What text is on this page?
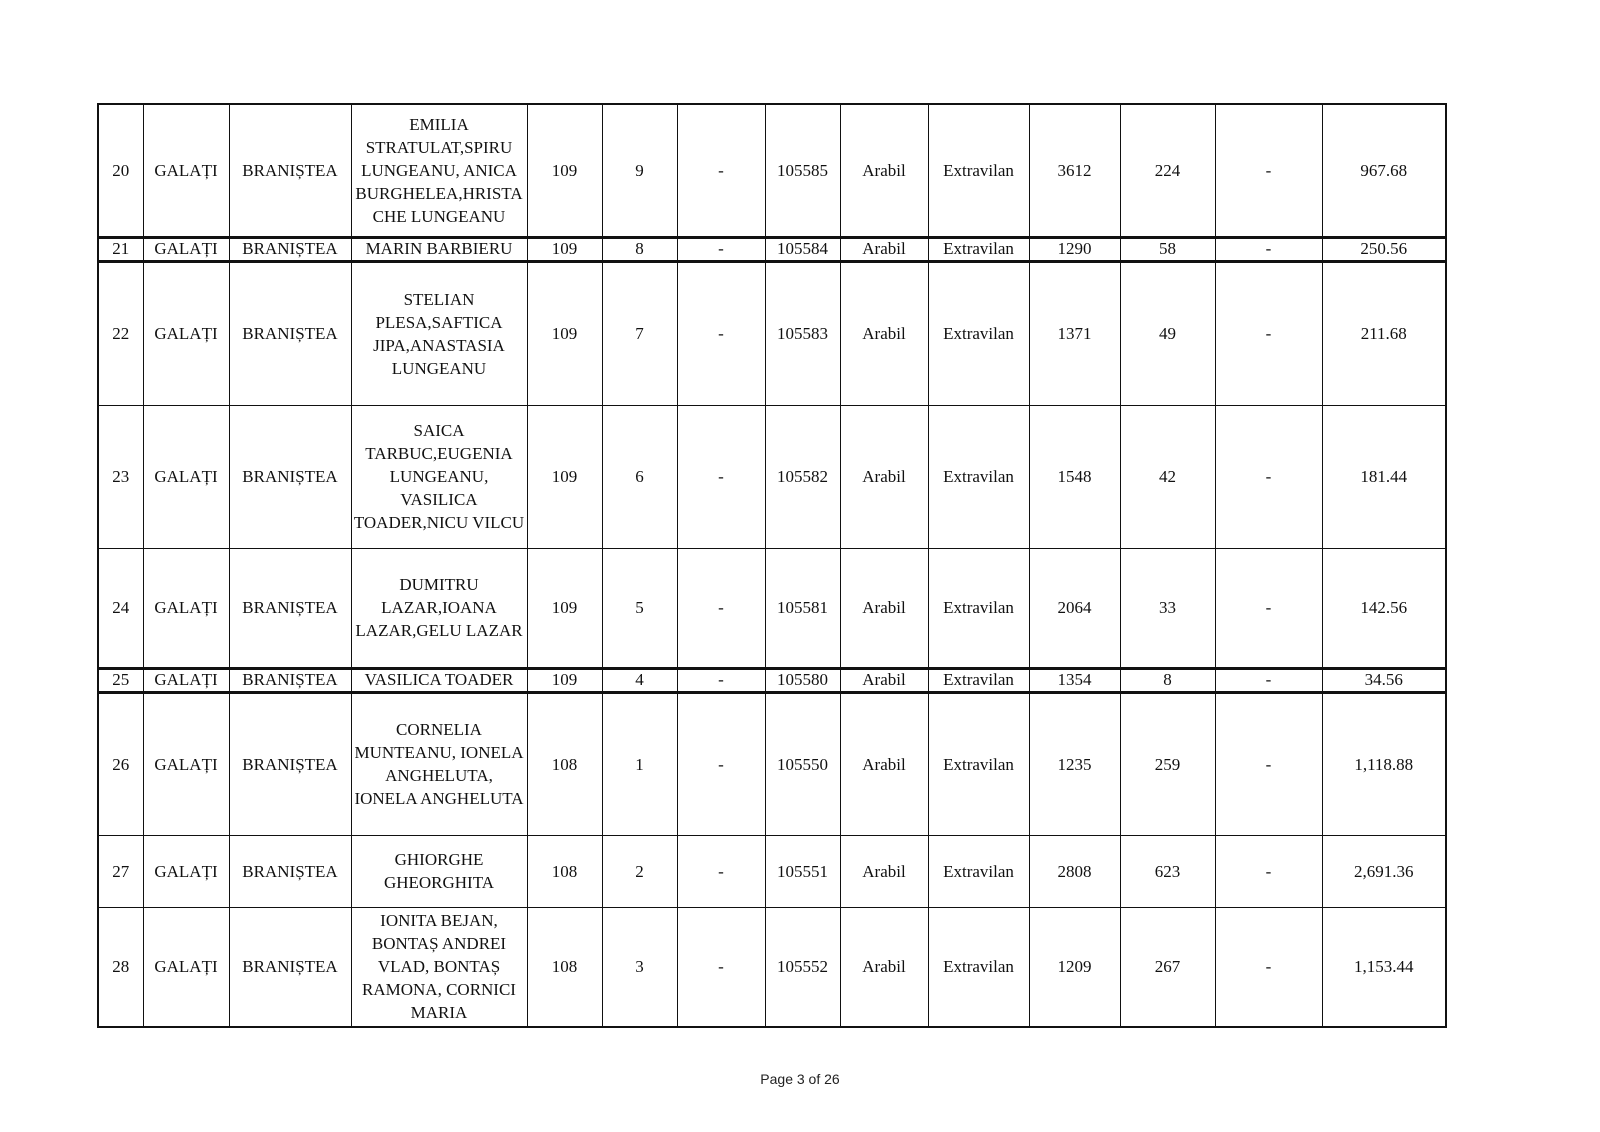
20	GALAȚI	BRANIȘTEA	EMILIA STRATULAT,SPIRU LUNGEANU, ANICA BURGHELEA,HRISTACHE LUNGEANU	109	9	-	105585	Arabil	Extravilan	3612	224	-	967.68
21	GALAȚI	BRANIȘTEA	MARIN BARBIERU	109	8	-	105584	Arabil	Extravilan	1290	58	-	250.56
22	GALAȚI	BRANIȘTEA	STELIAN PLESA,SAFTICA JIPA,ANASTASIA LUNGEANU	109	7	-	105583	Arabil	Extravilan	1371	49	-	211.68
23	GALAȚI	BRANIȘTEA	SAICA TARBUC,EUGENIA LUNGEANU, VASILICA TOADER,NICU VILCU	109	6	-	105582	Arabil	Extravilan	1548	42	-	181.44
24	GALAȚI	BRANIȘTEA	DUMITRU LAZAR,IOANA LAZAR,GELU LAZAR	109	5	-	105581	Arabil	Extravilan	2064	33	-	142.56
25	GALAȚI	BRANIȘTEA	VASILICA TOADER	109	4	-	105580	Arabil	Extravilan	1354	8	-	34.56
26	GALAȚI	BRANIȘTEA	CORNELIA MUNTEANU, IONELA ANGHELUTA, IONELA ANGHELUTA	108	1	-	105550	Arabil	Extravilan	1235	259	-	1,118.88
27	GALAȚI	BRANIȘTEA	GHIORGHE GHEORGHITA	108	2	-	105551	Arabil	Extravilan	2808	623	-	2,691.36
28	GALAȚI	BRANIȘTEA	IONITA BEJAN, BONTAȘ ANDREI VLAD, BONTAȘ RAMONA, CORNICI MARIA	108	3	-	105552	Arabil	Extravilan	1209	267	-	1,153.44
Page 3 of 26
